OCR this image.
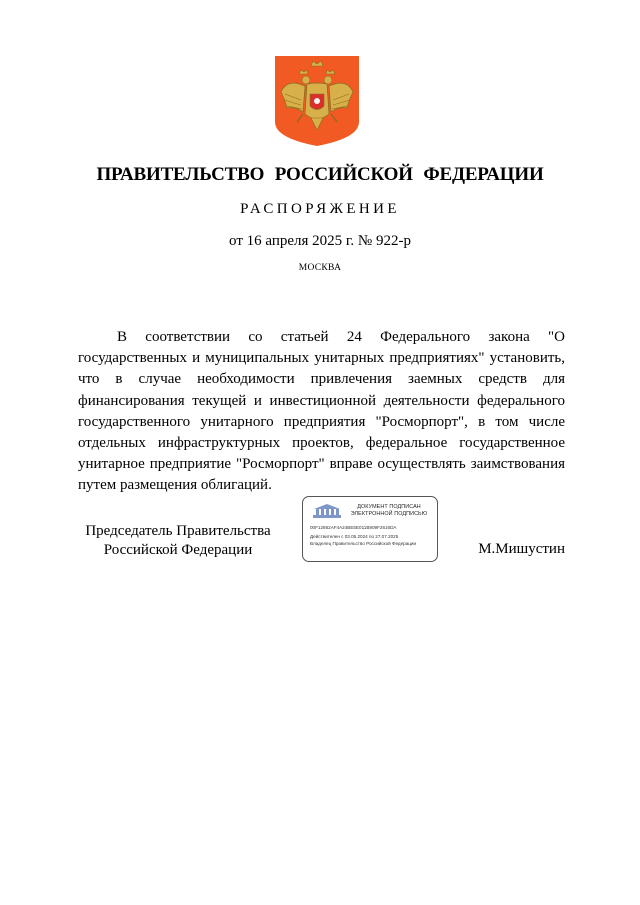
ПРАВИТЕЛЬСТВО РОССИЙСКОЙ ФЕДЕРАЦИИ
РАСПОРЯЖЕНИЕ
от 16 апреля 2025 г. № 922-р
МОСКВА

В соответствии со статьей 24 Федерального закона "О государственных и муниципальных унитарных предприятиях" установить, что в случае необходимости привлечения заемных средств для финансирования текущей и инвестиционной деятельности федерального государственного унитарного предприятия "Росморпорт", в том числе отдельных инфраструктурных проектов, федеральное государственное унитарное предприятие "Росморпорт" вправе осуществлять заимствования путем размещения облигаций.

Председатель Правительства
Российской Федерации
ДОКУМЕНТ ПОДПИСАН
ЭЛЕКТРОННОЙ ПОДПИСЬЮ
00F12862AF4A24BE5E011B909F2616DA
Действителен с 03.05.2024 по 27.07.2025
Владелец Правительство Российской Федерации	М.Мишустин
